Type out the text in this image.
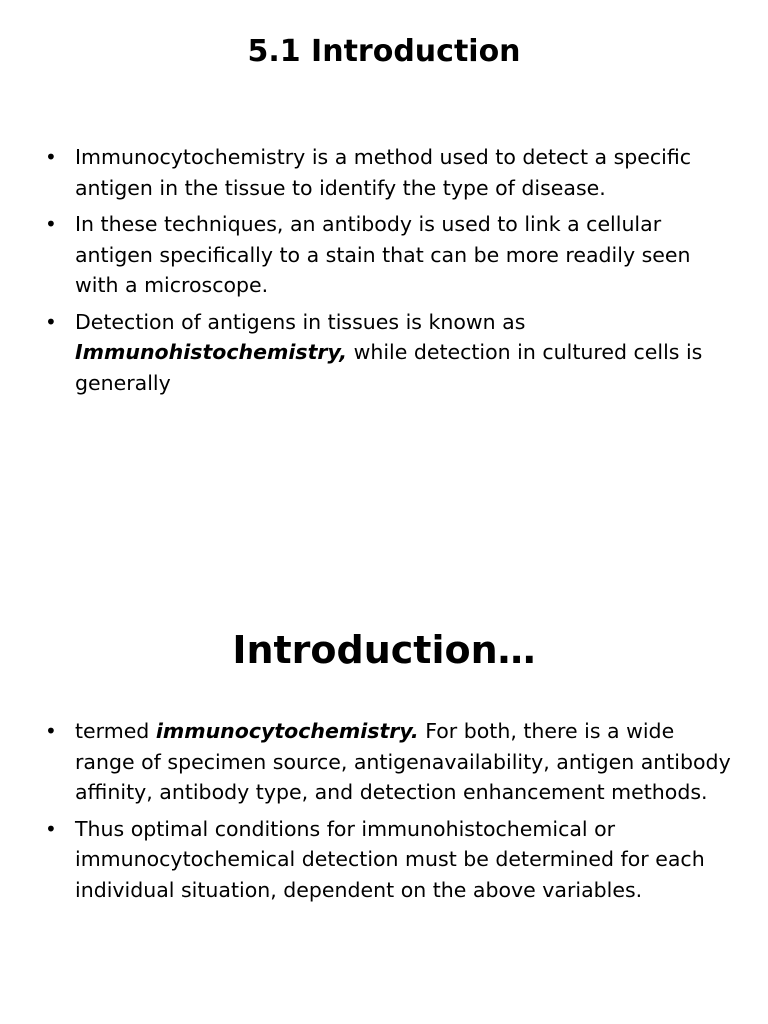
5.1 Introduction
• Immunocytochemistry is a method used to detect a specific antigen in the tissue to identify the type of disease.
• In these techniques, an antibody is used to link a cellular antigen specifically to a stain that can be more readily seen with a microscope.
• Detection of antigens in tissues is known as Immunohistochemistry, while detection in cultured cells is generally
Introduction…
• termed immunocytochemistry. For both, there is a wide range of specimen source, antigenavailability, antigen antibody affinity, antibody type, and detection enhancement methods.
• Thus optimal conditions for immunohistochemical or immunocytochemical detection must be determined for each individual situation, dependent on the above variables.
